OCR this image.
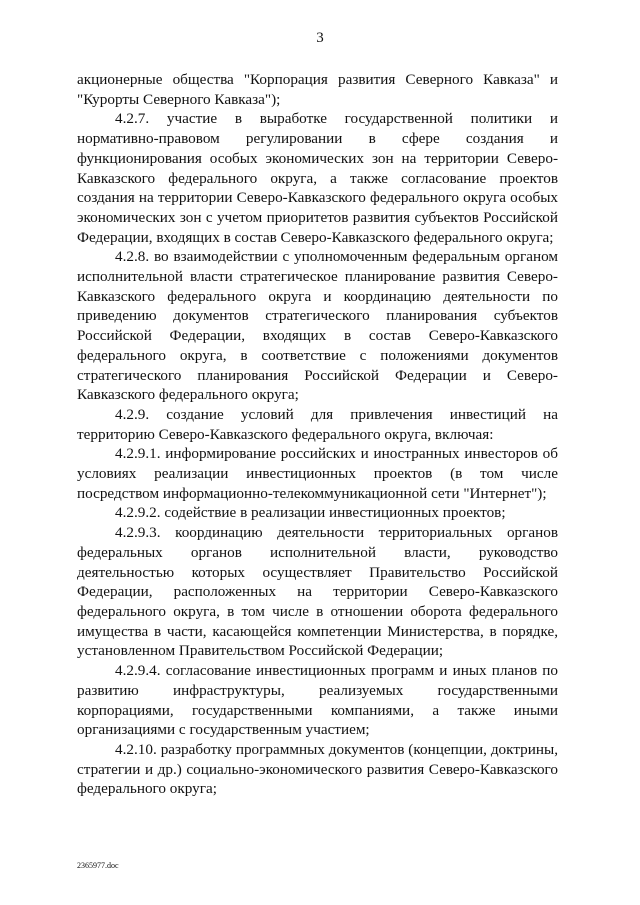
3

акционерные общества "Корпорация развития Северного Кавказа" и "Курорты Северного Кавказа");

4.2.7. участие в выработке государственной политики и нормативно-правовом регулировании в сфере создания и функционирования особых экономических зон на территории Северо-Кавказского федерального округа, а также согласование проектов создания на территории Северо-Кавказского федерального округа особых экономических зон с учетом приоритетов развития субъектов Российской Федерации, входящих в состав Северо-Кавказского федерального округа;

4.2.8. во взаимодействии с уполномоченным федеральным органом исполнительной власти стратегическое планирование развития Северо-Кавказского федерального округа и координацию деятельности по приведению документов стратегического планирования субъектов Российской Федерации, входящих в состав Северо-Кавказского федерального округа, в соответствие с положениями документов стратегического планирования Российской Федерации и Северо-Кавказского федерального округа;

4.2.9. создание условий для привлечения инвестиций на территорию Северо-Кавказского федерального округа, включая:

4.2.9.1. информирование российских и иностранных инвесторов об условиях реализации инвестиционных проектов (в том числе посредством информационно-телекоммуникационной сети "Интернет");

4.2.9.2. содействие в реализации инвестиционных проектов;

4.2.9.3. координацию деятельности территориальных органов федеральных органов исполнительной власти, руководство деятельностью которых осуществляет Правительство Российской Федерации, расположенных на территории Северо-Кавказского федерального округа, в том числе в отношении оборота федерального имущества в части, касающейся компетенции Министерства, в порядке, установленном Правительством Российской Федерации;

4.2.9.4. согласование инвестиционных программ и иных планов по развитию инфраструктуры, реализуемых государственными корпорациями, государственными компаниями, а также иными организациями с государственным участием;

4.2.10. разработку программных документов (концепции, доктрины, стратегии и др.) социально-экономического развития Северо-Кавказского федерального округа;

2365977.doc
